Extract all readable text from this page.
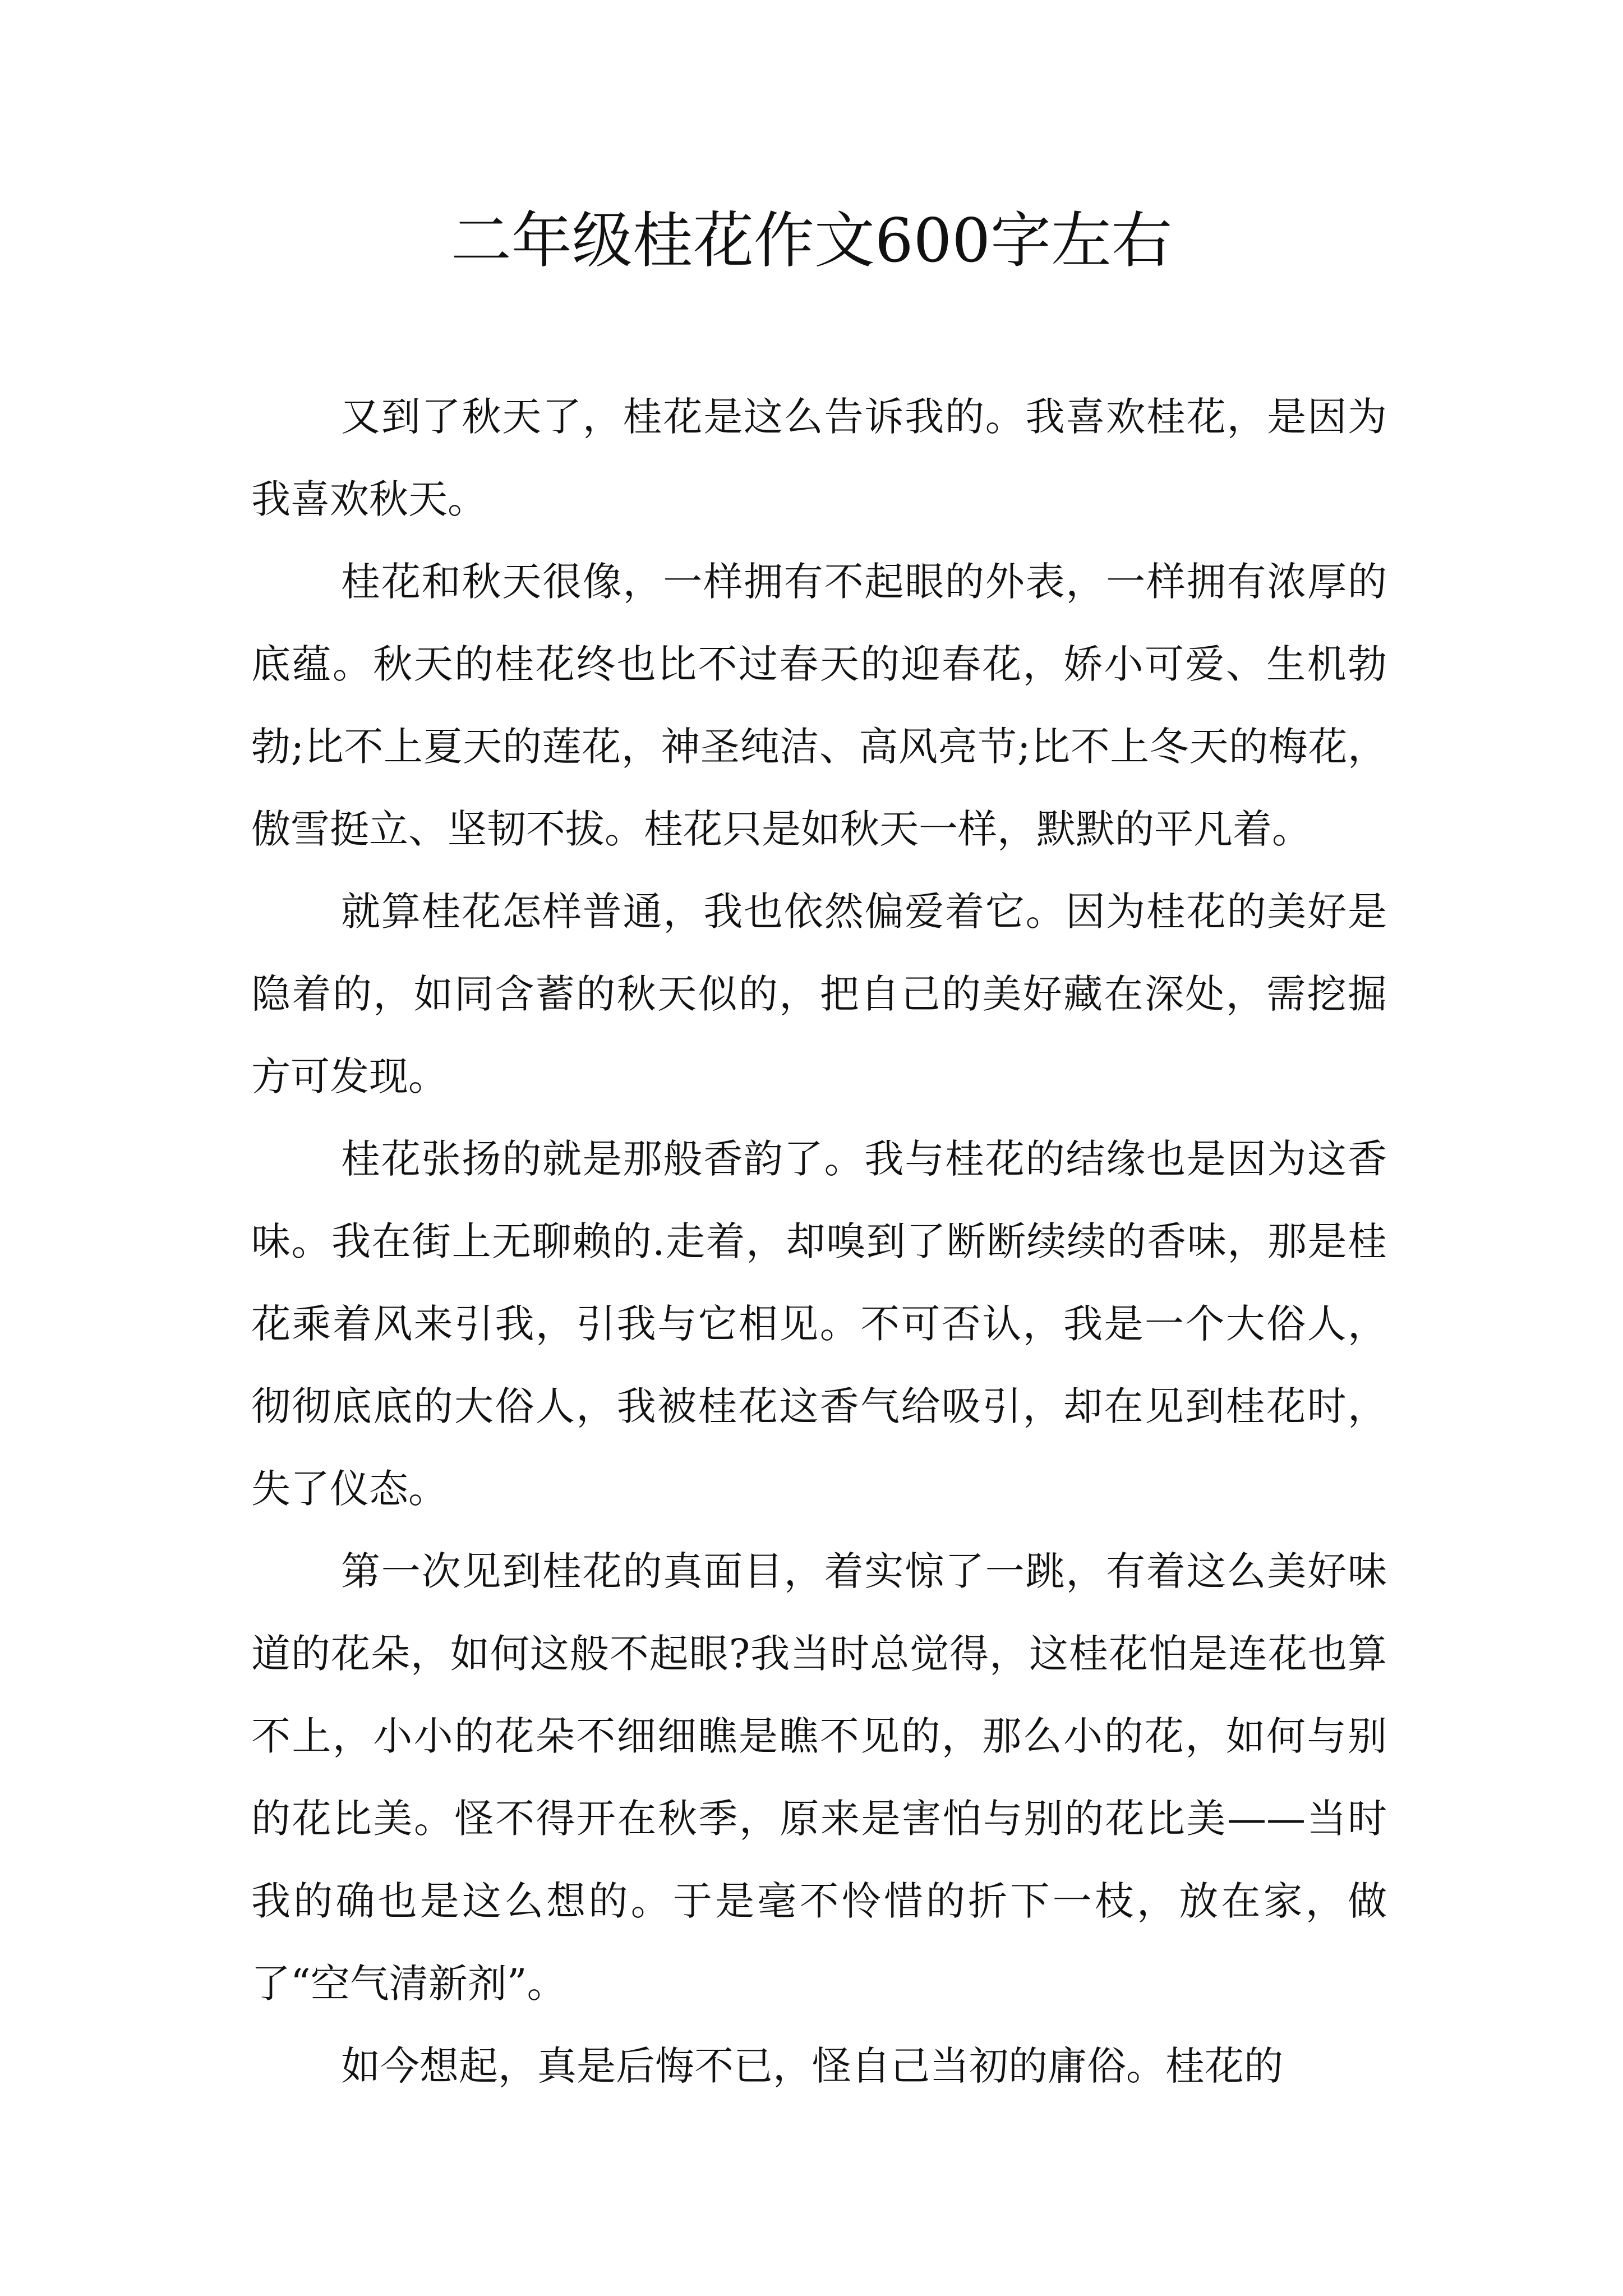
二年级桂花作文600字左右

又到了秋天了，桂花是这么告诉我的。我喜欢桂花，是因为我喜欢秋天。

桂花和秋天很像，一样拥有不起眼的外表，一样拥有浓厚的底蕴。秋天的桂花终也比不过春天的迎春花，娇小可爱、生机勃勃;比不上夏天的莲花，神圣纯洁、高风亮节;比不上冬天的梅花，傲雪挺立、坚韧不拔。桂花只是如秋天一样，默默的平凡着。

就算桂花怎样普通，我也依然偏爱着它。因为桂花的美好是隐着的，如同含蓄的秋天似的，把自己的美好藏在深处，需挖掘方可发现。

桂花张扬的就是那般香韵了。我与桂花的结缘也是因为这香味。我在街上无聊赖的.走着，却嗅到了断断续续的香味，那是桂花乘着风来引我，引我与它相见。不可否认，我是一个大俗人，彻彻底底的大俗人，我被桂花这香气给吸引，却在见到桂花时，失了仪态。

第一次见到桂花的真面目，着实惊了一跳，有着这么美好味道的花朵，如何这般不起眼?我当时总觉得，这桂花怕是连花也算不上，小小的花朵不细细瞧是瞧不见的，那么小的花，如何与别的花比美。怪不得开在秋季，原来是害怕与别的花比美——当时我的确也是这么想的。于是毫不怜惜的折下一枝，放在家，做了“空气清新剂”。

如今想起，真是后悔不已，怪自己当初的庸俗。桂花的
